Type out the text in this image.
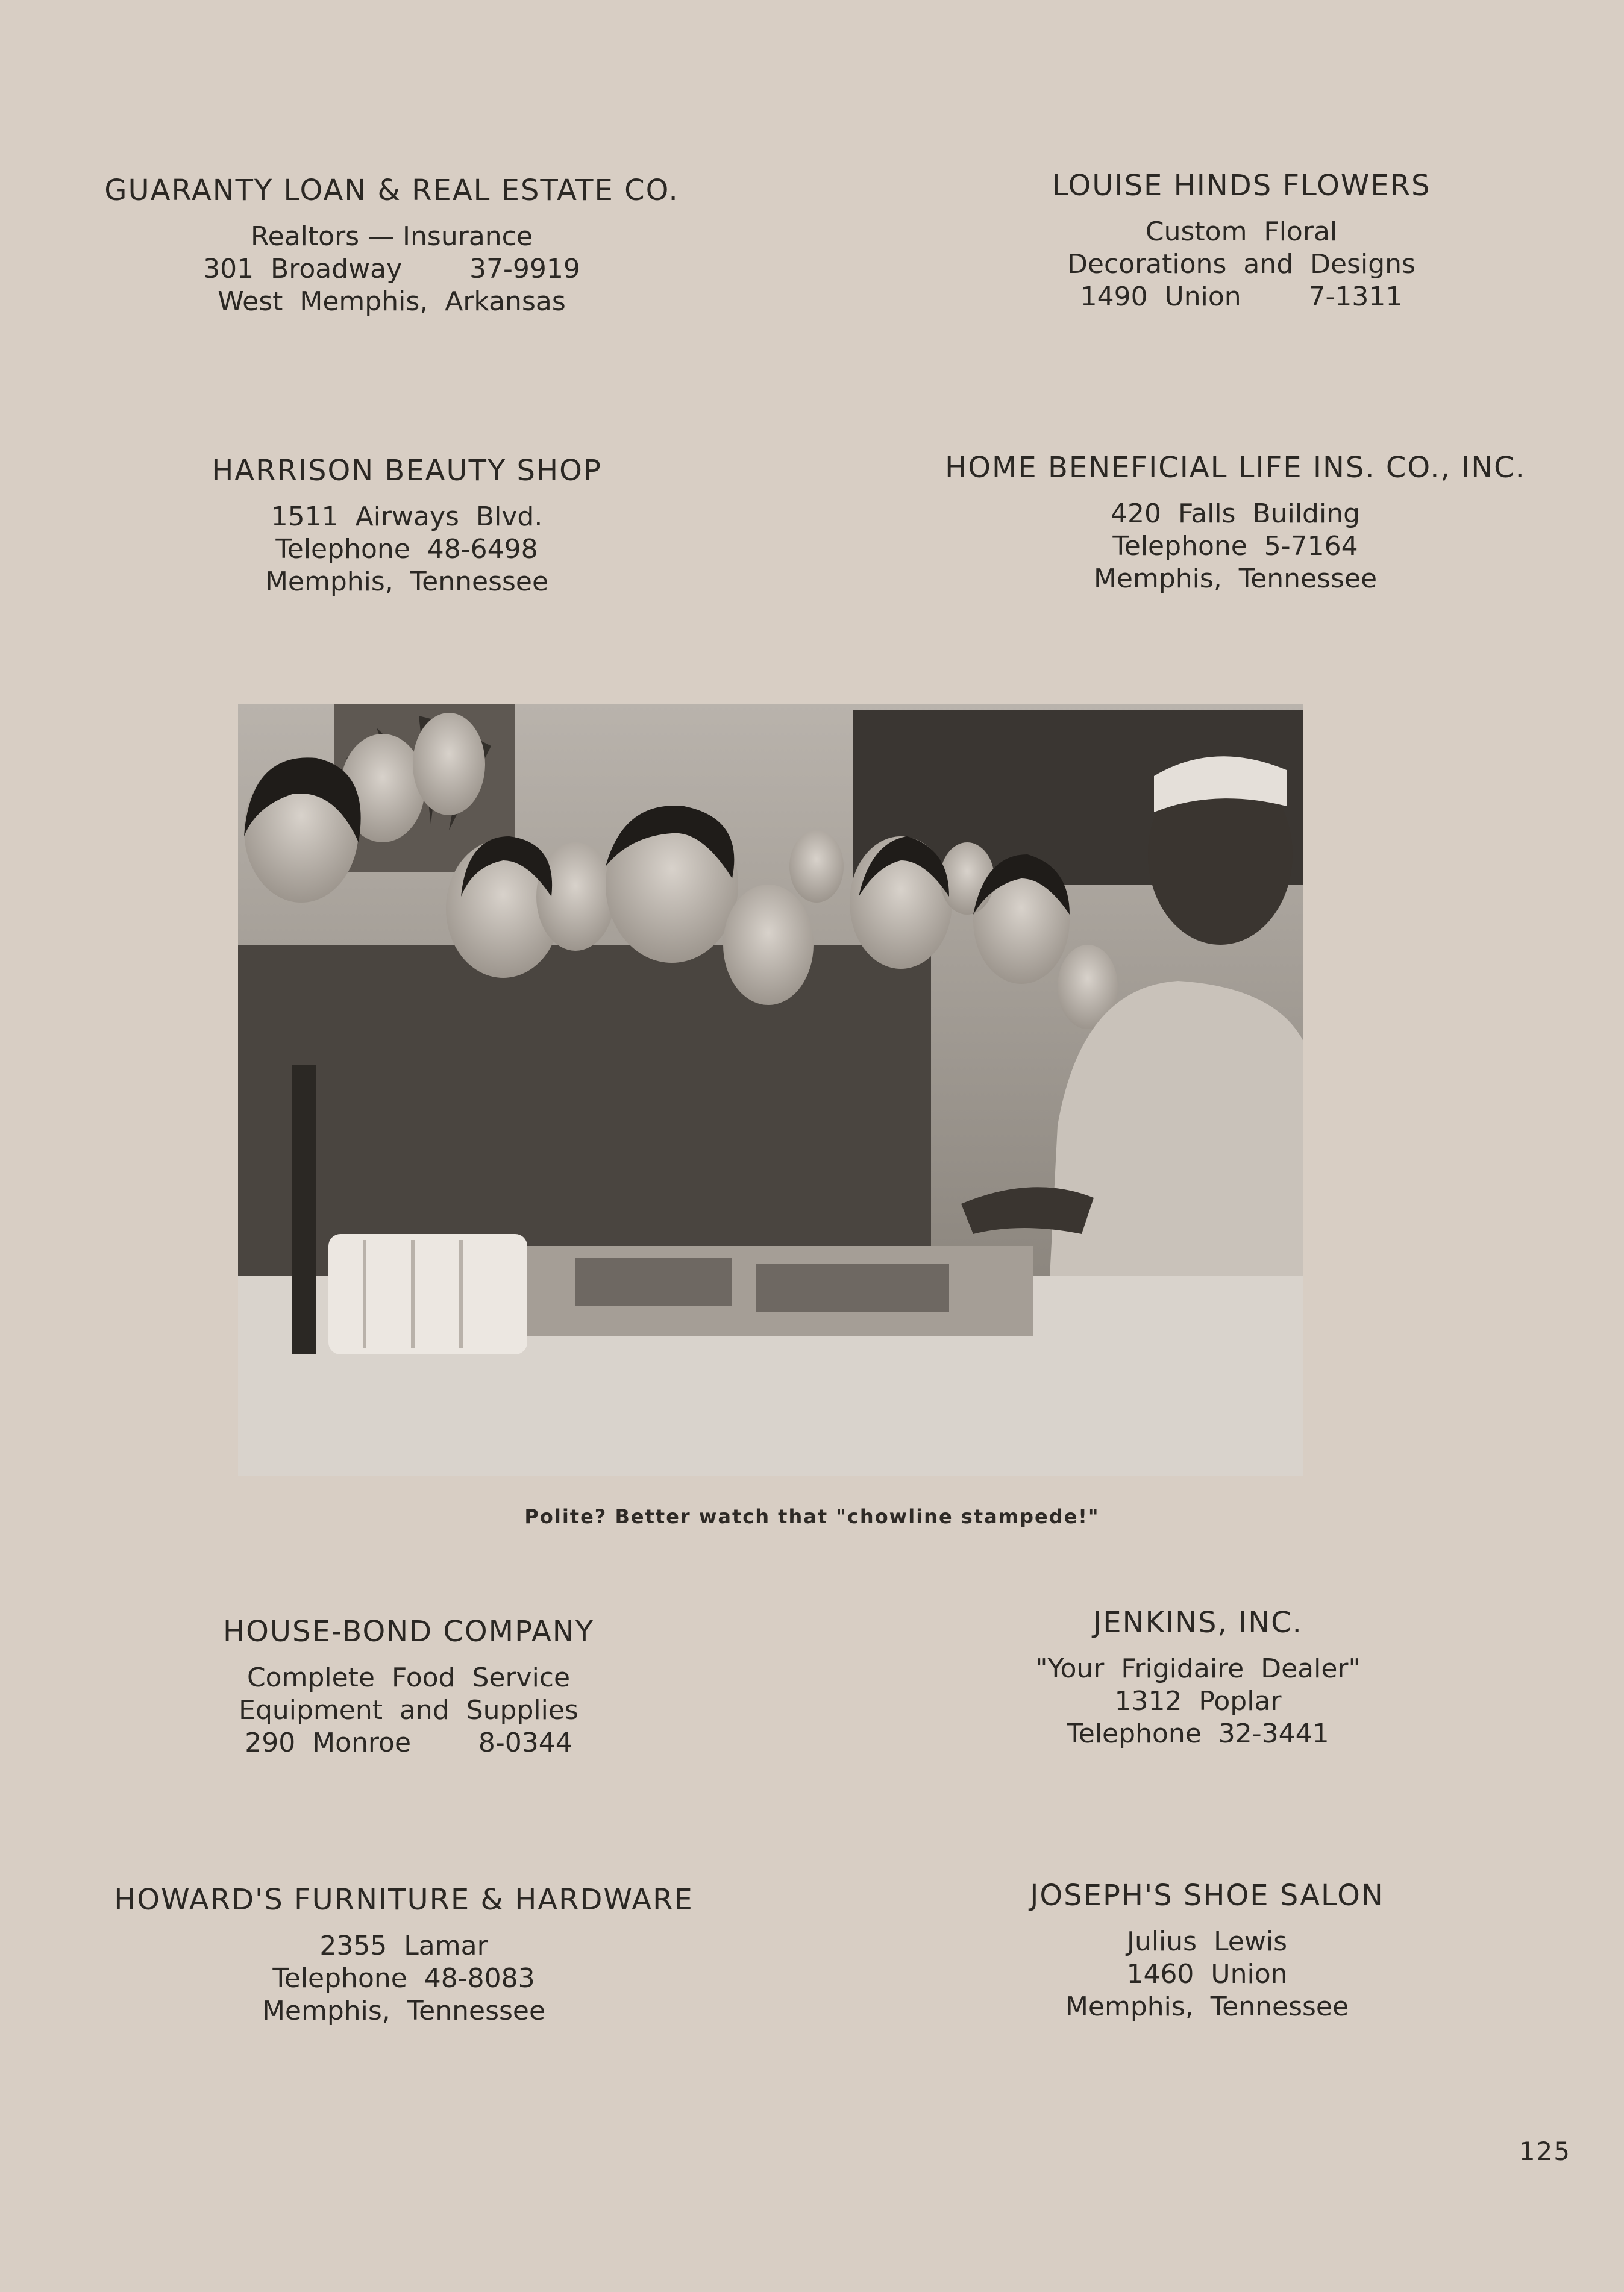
GUARANTY LOAN & REAL ESTATE CO.
Realtors — Insurance
301  Broadway        37-9919
West  Memphis,  Arkansas
LOUISE HINDS FLOWERS
Custom  Floral
Decorations  and  Designs
1490  Union        7-1311
HARRISON BEAUTY SHOP
1511  Airways  Blvd.
Telephone  48-6498
Memphis,  Tennessee
HOME BENEFICIAL LIFE INS. CO., INC.
420  Falls  Building
Telephone  5-7164
Memphis,  Tennessee
Polite? Better watch that "chowline stampede!"
HOUSE-BOND COMPANY
Complete  Food  Service
Equipment  and  Supplies
290  Monroe        8-0344
JENKINS, INC.
"Your  Frigidaire  Dealer"
1312  Poplar
Telephone  32-3441
HOWARD'S FURNITURE & HARDWARE
2355  Lamar
Telephone  48-8083
Memphis,  Tennessee
JOSEPH'S SHOE SALON
Julius  Lewis
1460  Union
Memphis,  Tennessee
125
